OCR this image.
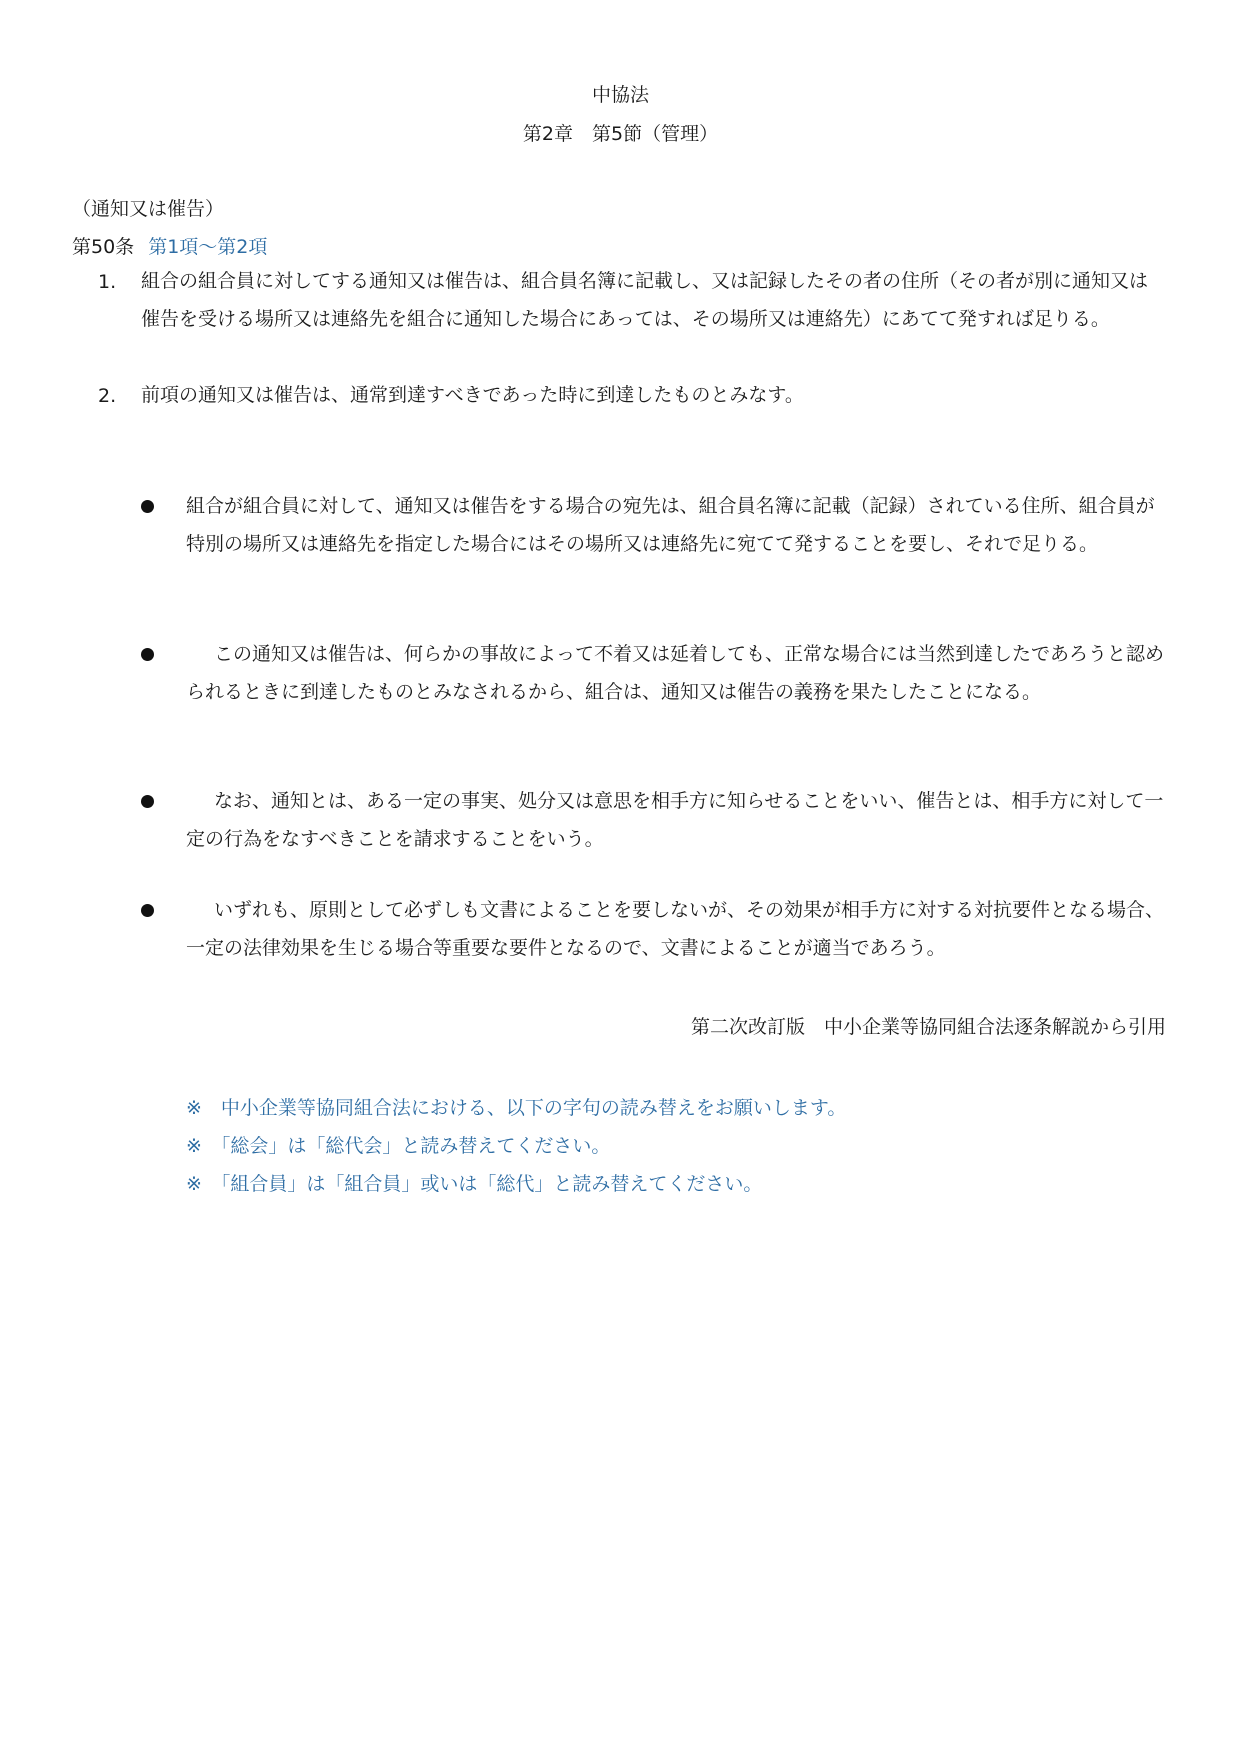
中協法
第2章　第5節（管理）
（通知又は催告）
第50条 第1項～第2項
1. 組合の組合員に対してする通知又は催告は、組合員名簿に記載し、又は記録したその者の住所（その者が別に通知又は催告を受ける場所又は連絡先を組合に通知した場合にあっては、その場所又は連絡先）にあてて発すれば足りる。
2. 前項の通知又は催告は、通常到達すべきであった時に到達したものとみなす。
組合が組合員に対して、通知又は催告をする場合の宛先は、組合員名簿に記載（記録）されている住所、組合員が特別の場所又は連絡先を指定した場合にはその場所又は連絡先に宛てて発することを要し、それで足りる。
この通知又は催告は、何らかの事故によって不着又は延着しても、正常な場合には当然到達したであろうと認められるときに到達したものとみなされるから、組合は、通知又は催告の義務を果たしたことになる。
なお、通知とは、ある一定の事実、処分又は意思を相手方に知らせることをいい、催告とは、相手方に対して一定の行為をなすべきことを請求することをいう。
いずれも、原則として必ずしも文書によることを要しないが、その効果が相手方に対する対抗要件となる場合、一定の法律効果を生じる場合等重要な要件となるので、文書によることが適当であろう。
第二次改訂版　中小企業等協同組合法逐条解説から引用
※　中小企業等協同組合法における、以下の字句の読み替えをお願いします。
※　「総会」は「総代会」と読み替えてください。
※　「組合員」は「組合員」或いは「総代」と読み替えてください。
